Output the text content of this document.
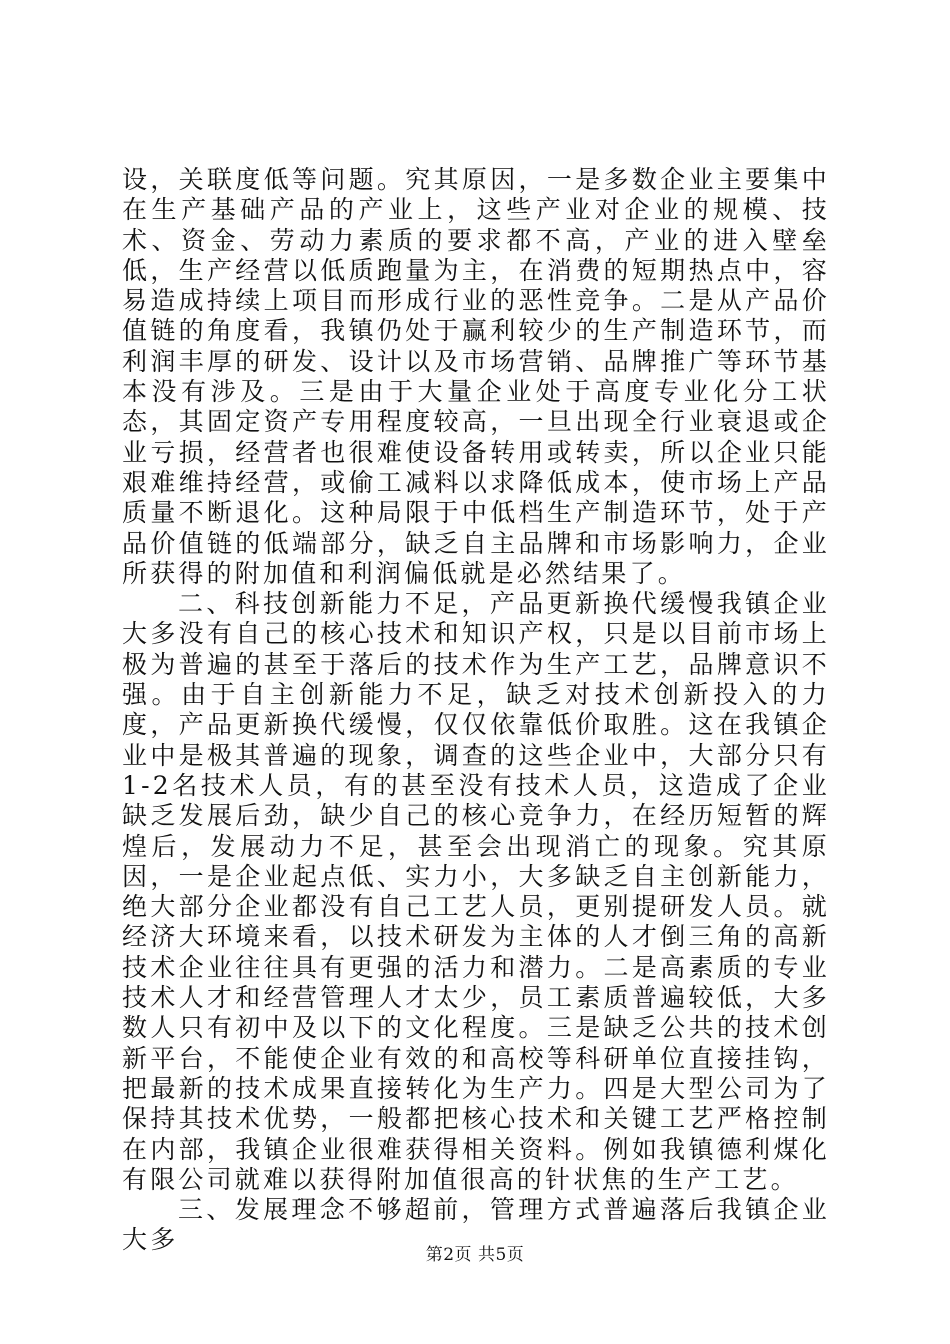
设，关联度低等问题。究其原因，一是多数企业主要集中在生产基础产品的产业上，这些产业对企业的规模、技术、资金、劳动力素质的要求都不高，产业的进入壁垒低，生产经营以低质跑量为主，在消费的短期热点中，容易造成持续上项目而形成行业的恶性竞争。二是从产品价值链的角度看，我镇仍处于赢利较少的生产制造环节，而利润丰厚的研发、设计以及市场营销、品牌推广等环节基本没有涉及。三是由于大量企业处于高度专业化分工状态，其固定资产专用程度较高，一旦出现全行业衰退或企业亏损，经营者也很难使设备转用或转卖，所以企业只能艰难维持经营，或偷工减料以求降低成本，使市场上产品质量不断退化。这种局限于中低档生产制造环节，处于产品价值链的低端部分，缺乏自主品牌和市场影响力，企业所获得的附加值和利润偏低就是必然结果了。

二、科技创新能力不足，产品更新换代缓慢我镇企业大多没有自己的核心技术和知识产权，只是以目前市场上极为普遍的甚至于落后的技术作为生产工艺，品牌意识不强。由于自主创新能力不足，缺乏对技术创新投入的力度，产品更新换代缓慢，仅仅依靠低价取胜。这在我镇企业中是极其普遍的现象，调查的这些企业中，大部分只有1-2名技术人员，有的甚至没有技术人员，这造成了企业缺乏发展后劲，缺少自己的核心竞争力，在经历短暂的辉煌后，发展动力不足，甚至会出现消亡的现象。究其原因，一是企业起点低、实力小，大多缺乏自主创新能力，绝大部分企业都没有自己工艺人员，更别提研发人员。就经济大环境来看，以技术研发为主体的人才倒三角的高新技术企业往往具有更强的活力和潜力。二是高素质的专业技术人才和经营管理人才太少，员工素质普遍较低，大多数人只有初中及以下的文化程度。三是缺乏公共的技术创新平台，不能使企业有效的和高校等科研单位直接挂钩，把最新的技术成果直接转化为生产力。四是大型公司为了保持其技术优势，一般都把核心技术和关键工艺严格控制在内部，我镇企业很难获得相关资料。例如我镇德利煤化有限公司就难以获得附加值很高的针状焦的生产工艺。

三、发展理念不够超前，管理方式普遍落后我镇企业大多

第2页 共5页
